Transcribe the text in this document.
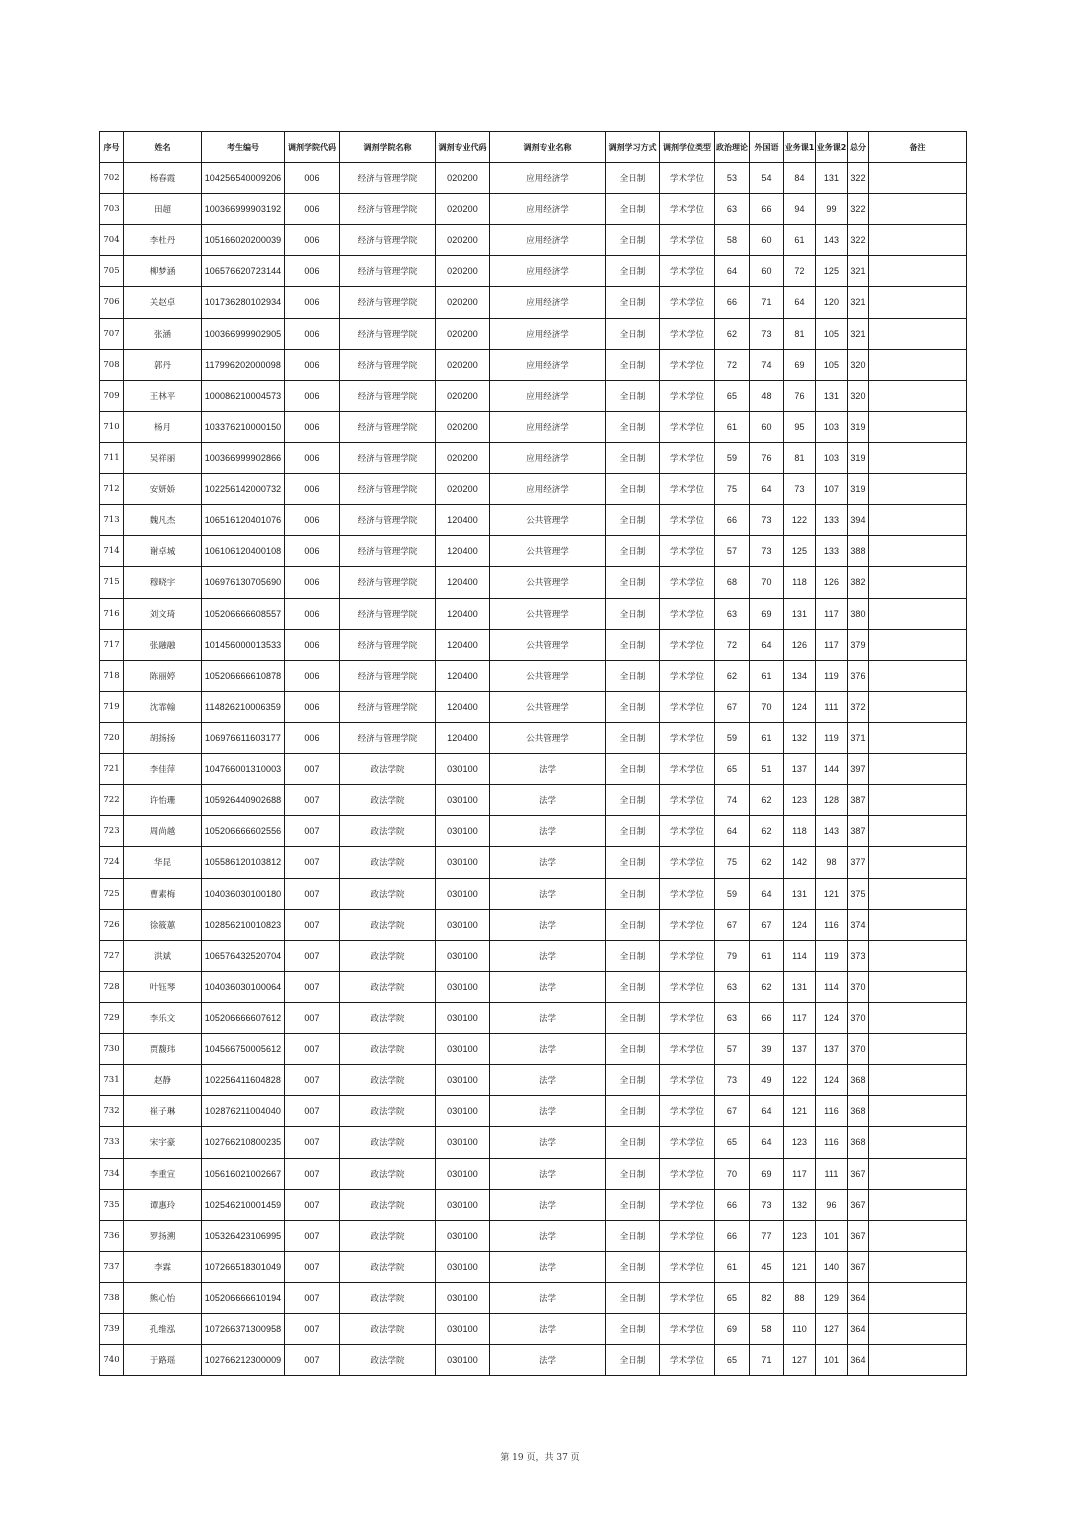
序号	姓名	考生编号	调剂学院代码	调剂学院名称	调剂专业代码	调剂专业名称	调剂学习方式	调剂学位类型	政治理论	外国语	业务课1	业务课2	总分	备注
702	杨春霞	104256540009206	006	经济与管理学院	020200	应用经济学	全日制	学术学位	53	54	84	131	322	
703	田超	100366999903192	006	经济与管理学院	020200	应用经济学	全日制	学术学位	63	66	94	99	322	
704	李杜丹	105166020200039	006	经济与管理学院	020200	应用经济学	全日制	学术学位	58	60	61	143	322	
705	柳梦涵	106576620723144	006	经济与管理学院	020200	应用经济学	全日制	学术学位	64	60	72	125	321	
706	关赵卓	101736280102934	006	经济与管理学院	020200	应用经济学	全日制	学术学位	66	71	64	120	321	
707	张涵	100366999902905	006	经济与管理学院	020200	应用经济学	全日制	学术学位	62	73	81	105	321	
708	郭丹	117996202000098	006	经济与管理学院	020200	应用经济学	全日制	学术学位	72	74	69	105	320	
709	王林平	100086210004573	006	经济与管理学院	020200	应用经济学	全日制	学术学位	65	48	76	131	320	
710	杨月	103376210000150	006	经济与管理学院	020200	应用经济学	全日制	学术学位	61	60	95	103	319	
711	吴祥丽	100366999902866	006	经济与管理学院	020200	应用经济学	全日制	学术学位	59	76	81	103	319	
712	安妍娇	102256142000732	006	经济与管理学院	020200	应用经济学	全日制	学术学位	75	64	73	107	319	
713	魏凡杰	106516120401076	006	经济与管理学院	120400	公共管理学	全日制	学术学位	66	73	122	133	394	
714	谢卓城	106106120400108	006	经济与管理学院	120400	公共管理学	全日制	学术学位	57	73	125	133	388	
715	穆晓宇	106976130705690	006	经济与管理学院	120400	公共管理学	全日制	学术学位	68	70	118	126	382	
716	刘文琦	105206666608557	006	经济与管理学院	120400	公共管理学	全日制	学术学位	63	69	131	117	380	
717	张融融	101456000013533	006	经济与管理学院	120400	公共管理学	全日制	学术学位	72	64	126	117	379	
718	陈丽婷	105206666610878	006	经济与管理学院	120400	公共管理学	全日制	学术学位	62	61	134	119	376	
719	沈霏翰	114826210006359	006	经济与管理学院	120400	公共管理学	全日制	学术学位	67	70	124	111	372	
720	胡扬扬	106976611603177	006	经济与管理学院	120400	公共管理学	全日制	学术学位	59	61	132	119	371	
721	李佳萍	104766001310003	007	政法学院	030100	法学	全日制	学术学位	65	51	137	144	397	
722	许怡珊	105926440902688	007	政法学院	030100	法学	全日制	学术学位	74	62	123	128	387	
723	周尚越	105206666602556	007	政法学院	030100	法学	全日制	学术学位	64	62	118	143	387	
724	华昆	105586120103812	007	政法学院	030100	法学	全日制	学术学位	75	62	142	98	377	
725	曹素梅	104036030100180	007	政法学院	030100	法学	全日制	学术学位	59	64	131	121	375	
726	徐筱蕙	102856210010823	007	政法学院	030100	法学	全日制	学术学位	67	67	124	116	374	
727	洪斌	106576432520704	007	政法学院	030100	法学	全日制	学术学位	79	61	114	119	373	
728	叶钰琴	104036030100064	007	政法学院	030100	法学	全日制	学术学位	63	62	131	114	370	
729	李乐文	105206666607612	007	政法学院	030100	法学	全日制	学术学位	63	66	117	124	370	
730	贾馥玮	104566750005612	007	政法学院	030100	法学	全日制	学术学位	57	39	137	137	370	
731	赵静	102256411604828	007	政法学院	030100	法学	全日制	学术学位	73	49	122	124	368	
732	崔子琳	102876211004040	007	政法学院	030100	法学	全日制	学术学位	67	64	121	116	368	
733	宋宇豪	102766210800235	007	政法学院	030100	法学	全日制	学术学位	65	64	123	116	368	
734	李重宣	105616021002667	007	政法学院	030100	法学	全日制	学术学位	70	69	117	111	367	
735	谭惠玲	102546210001459	007	政法学院	030100	法学	全日制	学术学位	66	73	132	96	367	
736	罗扬溯	105326423106995	007	政法学院	030100	法学	全日制	学术学位	66	77	123	101	367	
737	李霖	107266518301049	007	政法学院	030100	法学	全日制	学术学位	61	45	121	140	367	
738	熊心怡	105206666610194	007	政法学院	030100	法学	全日制	学术学位	65	82	88	129	364	
739	孔维泓	107266371300958	007	政法学院	030100	法学	全日制	学术学位	69	58	110	127	364	
740	于路瑶	102766212300009	007	政法学院	030100	法学	全日制	学术学位	65	71	127	101	364	
第 19 页，共 37 页
